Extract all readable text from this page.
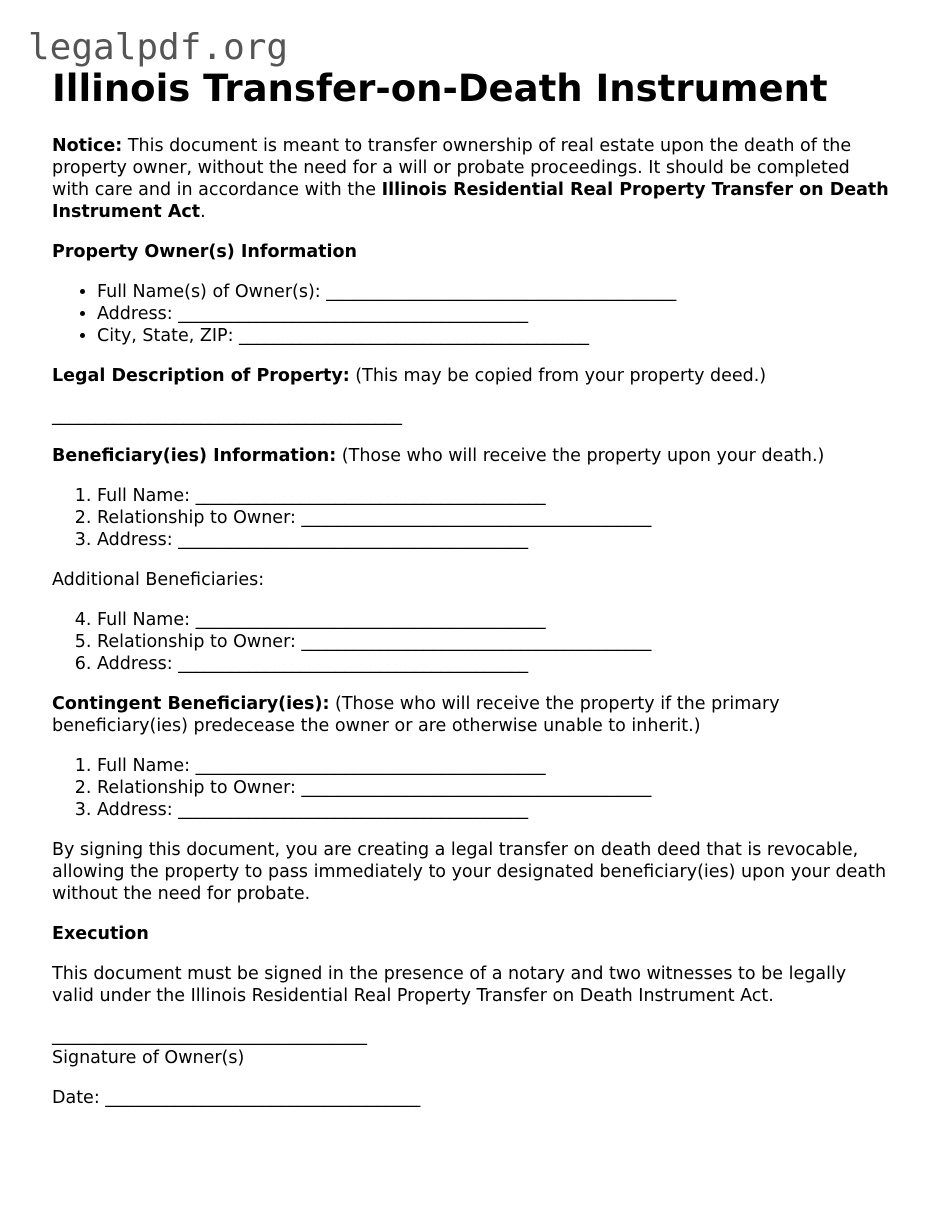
legalpdf.org
Illinois Transfer-on-Death Instrument

Notice: This document is meant to transfer ownership of real estate upon the death of the property owner, without the need for a will or probate proceedings. It should be completed with care and in accordance with the Illinois Residential Real Property Transfer on Death Instrument Act.

Property Owner(s) Information

• Full Name(s) of Owner(s): ________________________________________
• Address: ________________________________________
• City, State, ZIP: ________________________________________

Legal Description of Property: (This may be copied from your property deed.)

________________________________________

Beneficiary(ies) Information: (Those who will receive the property upon your death.)

1. Full Name: ________________________________________
2. Relationship to Owner: ________________________________________
3. Address: ________________________________________

Additional Beneficiaries:

4. Full Name: ________________________________________
5. Relationship to Owner: ________________________________________
6. Address: ________________________________________

Contingent Beneficiary(ies): (Those who will receive the property if the primary beneficiary(ies) predecease the owner or are otherwise unable to inherit.)

1. Full Name: ________________________________________
2. Relationship to Owner: ________________________________________
3. Address: ________________________________________

By signing this document, you are creating a legal transfer on death deed that is revocable, allowing the property to pass immediately to your designated beneficiary(ies) upon your death without the need for probate.

Execution

This document must be signed in the presence of a notary and two witnesses to be legally valid under the Illinois Residential Real Property Transfer on Death Instrument Act.

____________________________________

Signature of Owner(s)

Date: ____________________________________
